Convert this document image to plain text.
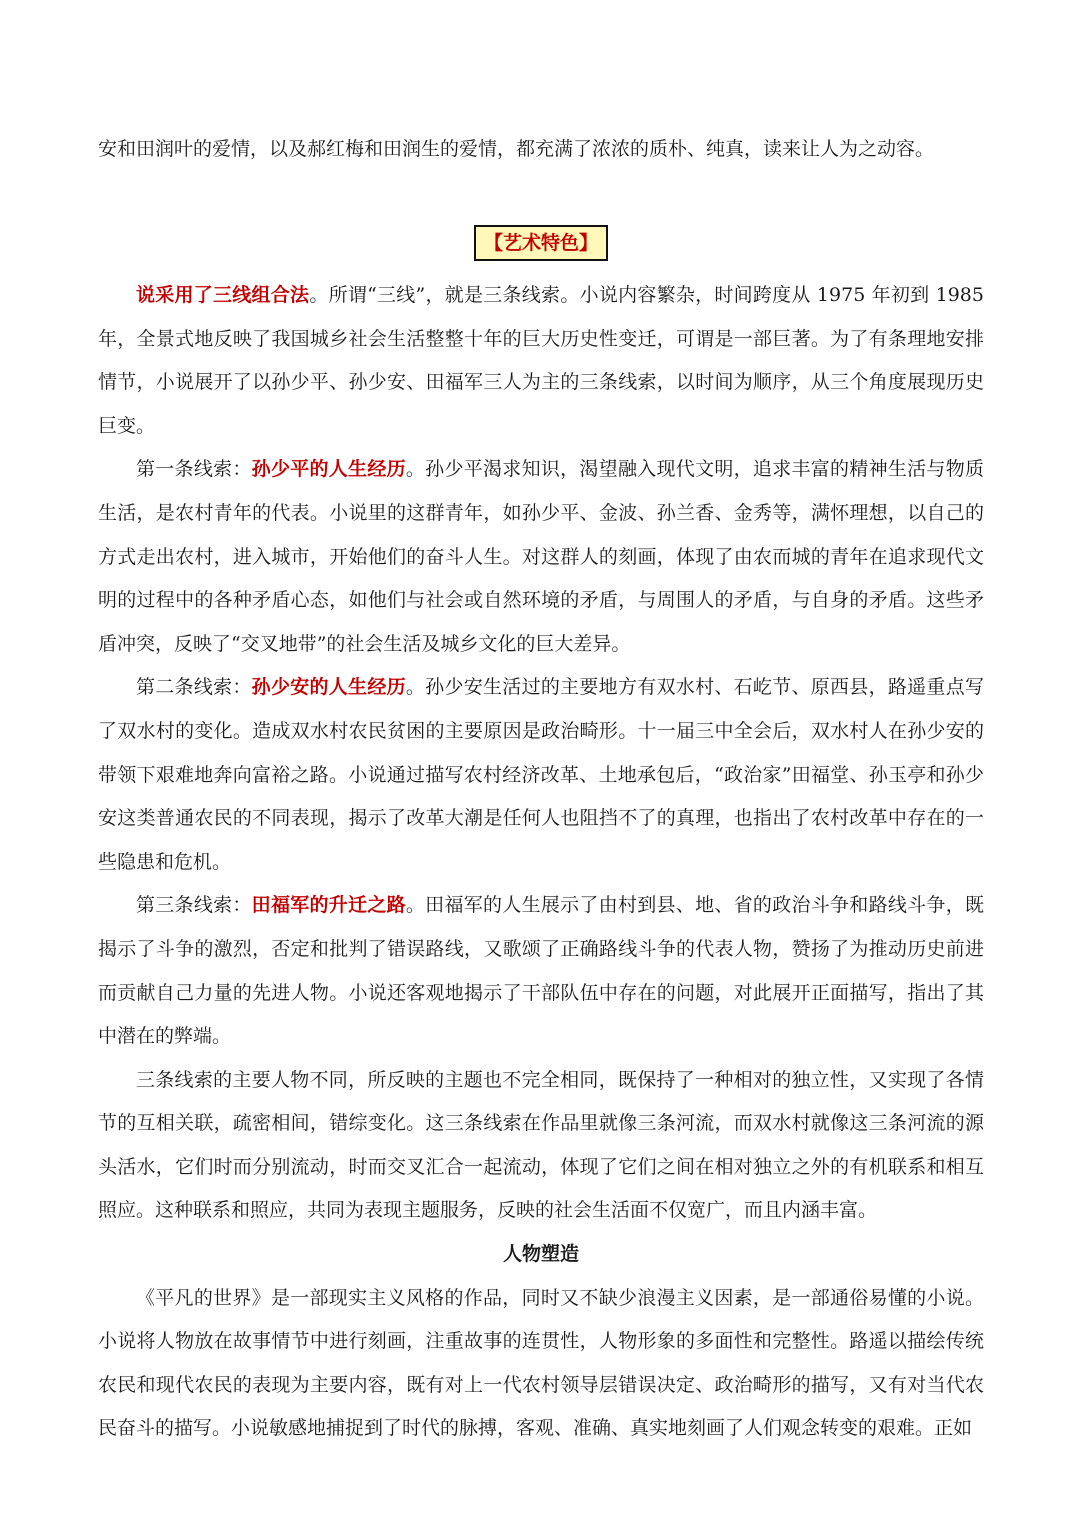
安和田润叶的爱情，以及郝红梅和田润生的爱情，都充满了浓浓的质朴、纯真，读来让人为之动容。

【艺术特色】

说采用了三线组合法。所谓“三线”，就是三条线索。小说内容繁杂，时间跨度从 1975 年初到 1985 年，全景式地反映了我国城乡社会生活整整十年的巨大历史性变迁，可谓是一部巨著。为了有条理地安排情节，小说展开了以孙少平、孙少安、田福军三人为主的三条线索，以时间为顺序，从三个角度展现历史巨变。

第一条线索：孙少平的人生经历。孙少平渴求知识，渴望融入现代文明，追求丰富的精神生活与物质生活，是农村青年的代表。小说里的这群青年，如孙少平、金波、孙兰香、金秀等，满怀理想，以自己的方式走出农村，进入城市，开始他们的奋斗人生。对这群人的刻画，体现了由农而城的青年在追求现代文明的过程中的各种矛盾心态，如他们与社会或自然环境的矛盾，与周围人的矛盾，与自身的矛盾。这些矛盾冲突，反映了“交叉地带”的社会生活及城乡文化的巨大差异。

第二条线索：孙少安的人生经历。孙少安生活过的主要地方有双水村、石屹节、原西县，路遥重点写了双水村的变化。造成双水村农民贫困的主要原因是政治畸形。十一届三中全会后，双水村人在孙少安的带领下艰难地奔向富裕之路。小说通过描写农村经济改革、土地承包后，“政治家”田福堂、孙玉亭和孙少安这类普通农民的不同表现，揭示了改革大潮是任何人也阻挡不了的真理，也指出了农村改革中存在的一些隐患和危机。

第三条线索：田福军的升迁之路。田福军的人生展示了由村到县、地、省的政治斗争和路线斗争，既揭示了斗争的激烈，否定和批判了错误路线，又歌颂了正确路线斗争的代表人物，赞扬了为推动历史前进而贡献自己力量的先进人物。小说还客观地揭示了干部队伍中存在的问题，对此展开正面描写，指出了其中潜在的弊端。

三条线索的主要人物不同，所反映的主题也不完全相同，既保持了一种相对的独立性，又实现了各情节的互相关联，疏密相间，错综变化。这三条线索在作品里就像三条河流，而双水村就像这三条河流的源头活水，它们时而分别流动，时而交叉汇合一起流动，体现了它们之间在相对独立之外的有机联系和相互照应。这种联系和照应，共同为表现主题服务，反映的社会生活面不仅宽广，而且内涵丰富。

人物塑造

《平凡的世界》是一部现实主义风格的作品，同时又不缺少浪漫主义因素，是一部通俗易懂的小说。小说将人物放在故事情节中进行刻画，注重故事的连贯性，人物形象的多面性和完整性。路遥以描绘传统农民和现代农民的表现为主要内容，既有对上一代农村领导层错误决定、政治畸形的描写，又有对当代农民奋斗的描写。小说敏感地捕捉到了时代的脉搏，客观、准确、真实地刻画了人们观念转变的艰难。正如
